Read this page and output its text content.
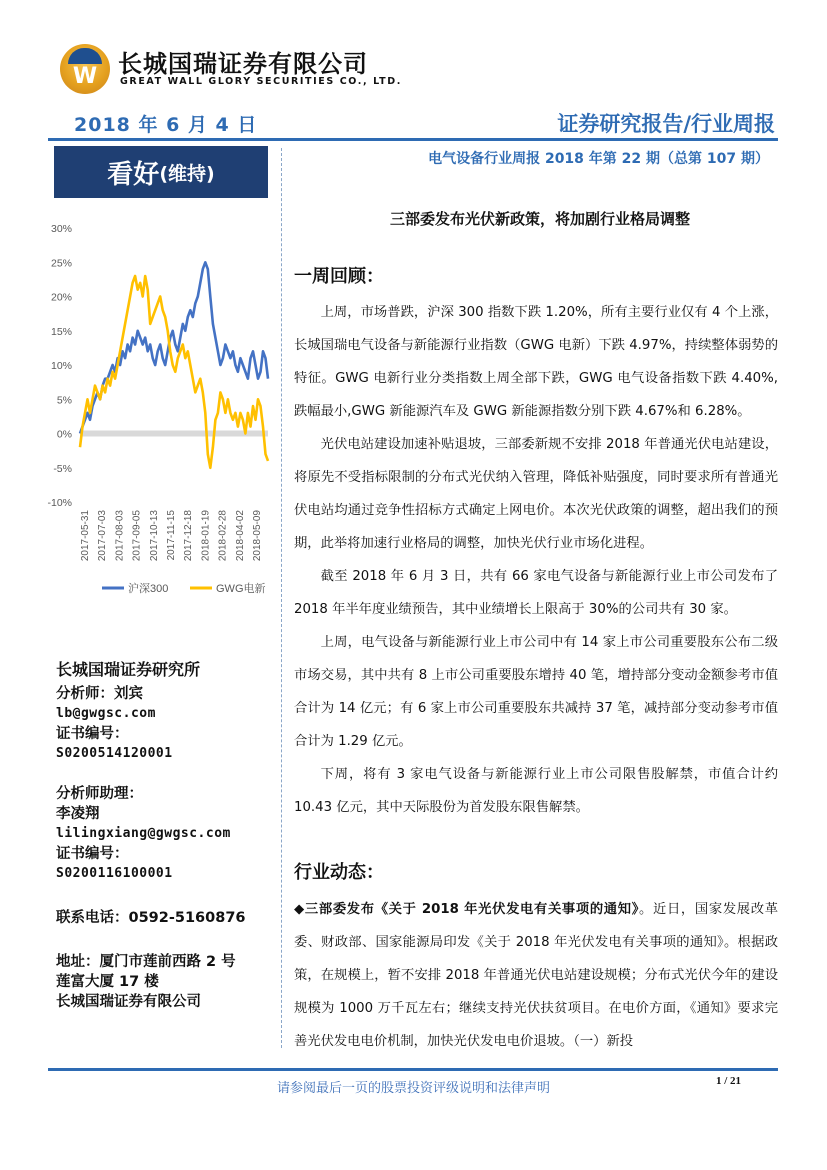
W 长城国瑞证券有限公司
GREAT WALL GLORY SECURITIES CO., LTD.
2018 年 6 月 4 日	证券研究报告/行业周报
看好 (维持)
电气设备行业周报 2018 年第 22 期（总第 107 期）
-10%
-5%
0%
5%
10%
15%
20%
25%
30%
2017-05-31 2017-07-03 2017-08-03 2017-09-05 2017-10-13 2017-11-15 2017-12-18 2018-01-19 2018-02-28 2018-04-02 2018-05-09
沪深300	GWG电新
三部委发布光伏新政策，将加剧行业格局调整
一周回顾：

上周，市场普跌，沪深 300 指数下跌 1.20%，所有主要行业仅有 4 个上涨，长城国瑞电气设备与新能源行业指数（GWG 电新）下跌 4.97%，持续整体弱势的特征。GWG 电新行业分类指数上周全部下跌，GWG 电气设备指数下跌 4.40%,跌幅最小,GWG 新能源汽车及 GWG 新能源指数分别下跌 4.67%和 6.28%。

光伏电站建设加速补贴退坡，三部委新规不安排 2018 年普通光伏电站建设，将原先不受指标限制的分布式光伏纳入管理，降低补贴强度，同时要求所有普通光伏电站均通过竞争性招标方式确定上网电价。本次光伏政策的调整，超出我们的预期，此举将加速行业格局的调整，加快光伏行业市场化进程。

截至 2018 年 6 月 3 日，共有 66 家电气设备与新能源行业上市公司发布了 2018 年半年度业绩预告，其中业绩增长上限高于 30%的公司共有 30 家。

上周，电气设备与新能源行业上市公司中有 14 家上市公司重要股东公布二级市场交易，其中共有 8 上市公司重要股东增持 40 笔，增持部分变动金额参考市值合计为 14 亿元；有 6 家上市公司重要股东共减持 37 笔，减持部分变动参考市值合计为 1.29 亿元。

下周，将有 3 家电气设备与新能源行业上市公司限售股解禁，市值合计约 10.43 亿元，其中天际股份为首发股东限售解禁。

行业动态：

◆三部委发布《关于 2018 年光伏发电有关事项的通知》。近日，国家发展改革委、财政部、国家能源局印发《关于 2018 年光伏发电有关事项的通知》。根据政策，在规模上，暂不安排 2018 年普通光伏电站建设规模；分布式光伏今年的建设规模为 1000 万千瓦左右；继续支持光伏扶贫项目。在电价方面，《通知》要求完善光伏发电电价机制，加快光伏发电电价退坡。（一）新投

长城国瑞证券研究所
分析师：刘宾
lb@gwgsc.com
证书编号：
S0200514120001
分析师助理：
李凌翔
lilingxiang@gwgsc.com
证书编号：
S0200116100001
联系电话：0592-5160876
地址：厦门市莲前西路 2 号
莲富大厦 17 楼
长城国瑞证券有限公司
请参阅最后一页的股票投资评级说明和法律声明	1 / 21
